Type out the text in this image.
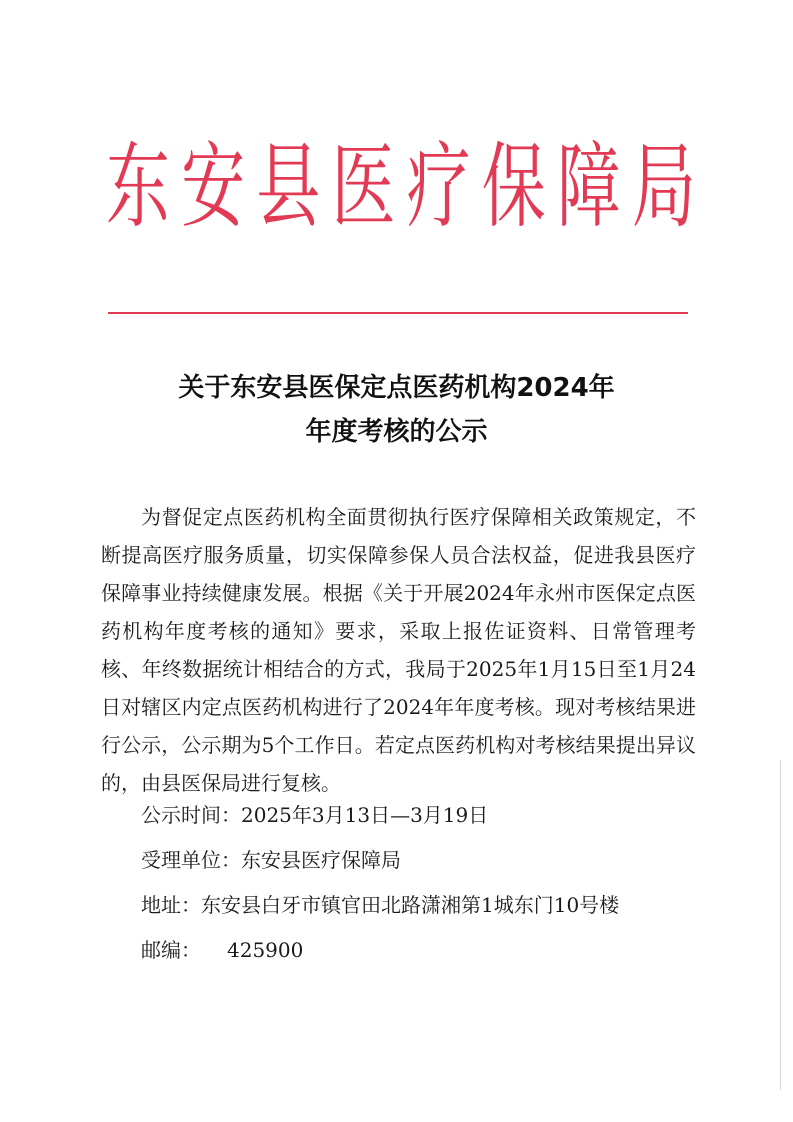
东 安 县 医 疗 保 障 局
关于东安县医保定点医药机构2024年
年度考核的公示

为督促定点医药机构全面贯彻执行医疗保障相关政策规定，不断提高医疗服务质量，切实保障参保人员合法权益，促进我县医疗保障事业持续健康发展。根据《关于开展2024年永州市医保定点医药机构年度考核的通知》要求，采取上报佐证资料、日常管理考核、年终数据统计相结合的方式，我局于2025年1月15日至1月24日对辖区内定点医药机构进行了2024年年度考核。现对考核结果进行公示，公示期为5个工作日。若定点医药机构对考核结果提出异议的，由县医保局进行复核。

公示时间：2025年3月13日—3月19日
受理单位：东安县医疗保障局
地址：东安县白牙市镇官田北路潇湘第1城东门10号楼
邮编： 425900
